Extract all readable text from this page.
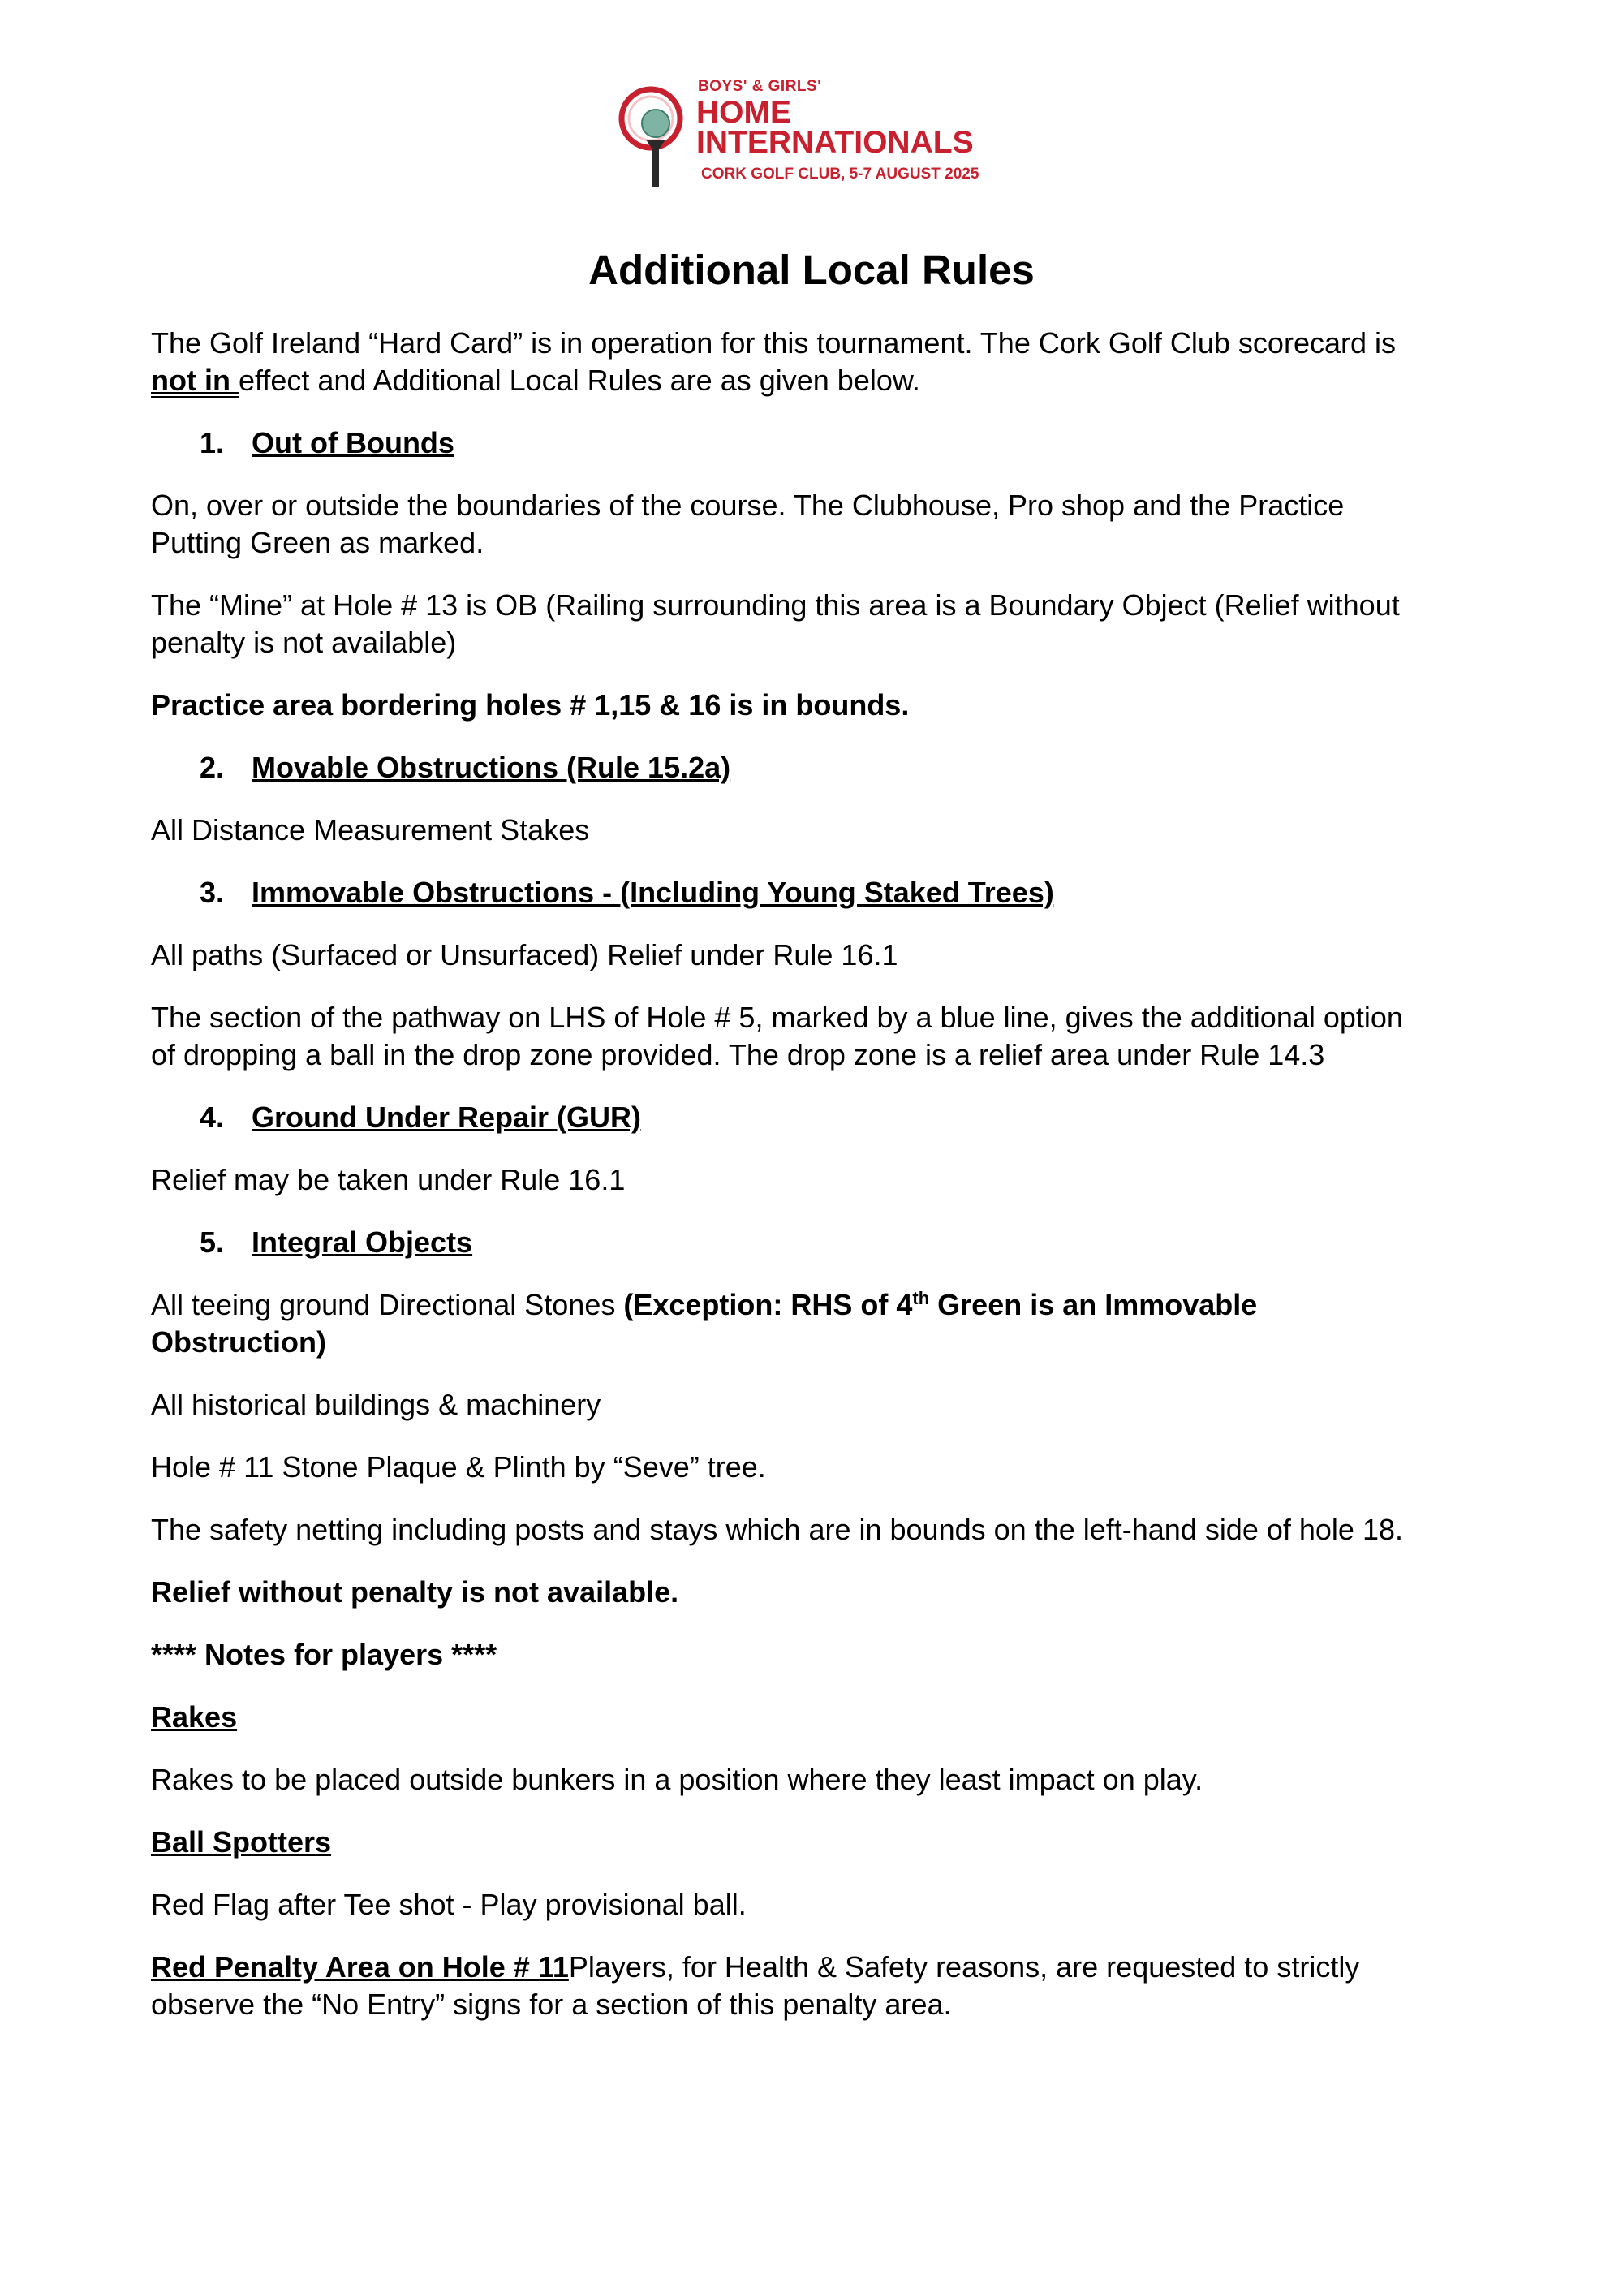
BOYS' & GIRLS'
HOME
INTERNATIONALS
CORK GOLF CLUB, 5-7 AUGUST 2025
Additional Local Rules

The Golf Ireland “Hard Card” is in operation for this tournament. The Cork Golf Club scorecard is not in effect and Additional Local Rules are as given below.

1. Out of Bounds

On, over or outside the boundaries of the course. The Clubhouse, Pro shop and the Practice Putting Green as marked.

The “Mine” at Hole # 13 is OB (Railing surrounding this area is a Boundary Object (Relief without penalty is not available)

Practice area bordering holes # 1,15 & 16 is in bounds.

2. Movable Obstructions (Rule 15.2a)

All Distance Measurement Stakes

3. Immovable Obstructions - (Including Young Staked Trees)

All paths (Surfaced or Unsurfaced) Relief under Rule 16.1

The section of the pathway on LHS of Hole # 5, marked by a blue line, gives the additional option of dropping a ball in the drop zone provided. The drop zone is a relief area under Rule 14.3

4. Ground Under Repair (GUR)

Relief may be taken under Rule 16.1

5. Integral Objects

All teeing ground Directional Stones (Exception: RHS of 4th Green is an Immovable Obstruction)

All historical buildings & machinery

Hole # 11 Stone Plaque & Plinth by “Seve” tree.

The safety netting including posts and stays which are in bounds on the left-hand side of hole 18.

Relief without penalty is not available.

**** Notes for players ****

Rakes

Rakes to be placed outside bunkers in a position where they least impact on play.

Ball Spotters

Red Flag after Tee shot - Play provisional ball.

Red Penalty Area on Hole # 11Players, for Health & Safety reasons, are requested to strictly observe the “No Entry” signs for a section of this penalty area.
